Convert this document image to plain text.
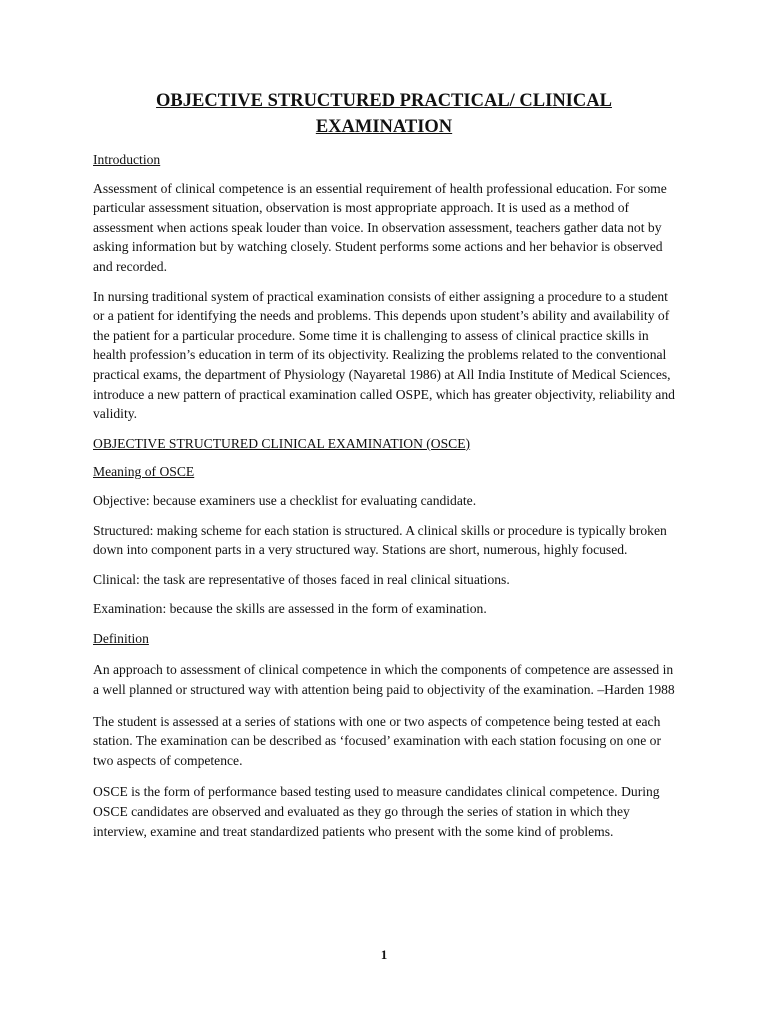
OBJECTIVE STRUCTURED PRACTICAL/ CLINICAL
EXAMINATION
Introduction

Assessment of clinical competence is an essential requirement of health professional education. For some particular assessment situation, observation is most appropriate approach. It is used as a method of assessment when actions speak louder than voice. In observation assessment, teachers gather data not by asking information but by watching closely. Student performs some actions and her behavior is observed and recorded.

In nursing traditional system of practical examination consists of either assigning a procedure to a student or a patient for identifying the needs and problems. This depends upon student’s ability and availability of the patient for a particular procedure. Some time it is challenging to assess of clinical practice skills in health profession’s education in term of its objectivity. Realizing the problems related to the conventional practical exams, the department of Physiology (Nayaretal 1986) at All India Institute of Medical Sciences, introduce a new pattern of practical examination called OSPE, which has greater objectivity, reliability and validity.

OBJECTIVE STRUCTURED CLINICAL EXAMINATION (OSCE)
Meaning of OSCE

Objective: because examiners use a checklist for evaluating candidate.

Structured: making scheme for each station is structured. A clinical skills or procedure is typically broken down into component parts in a very structured way. Stations are short, numerous, highly focused.

Clinical: the task are representative of thoses faced in real clinical situations.

Examination: because the skills are assessed in the form of examination.

Definition

An approach to assessment of clinical competence in which the components of competence are assessed in a well planned or structured way with attention being paid to objectivity of the examination. –Harden 1988

The student is assessed at a series of stations with one or two aspects of competence being tested at each station. The examination can be described as ‘focused’ examination with each station focusing on one or two aspects of competence.

OSCE is the form of performance based testing used to measure candidates clinical competence. During OSCE candidates are observed and evaluated as they go through the series of station in which they interview, examine and treat standardized patients who present with the some kind of problems.

1
